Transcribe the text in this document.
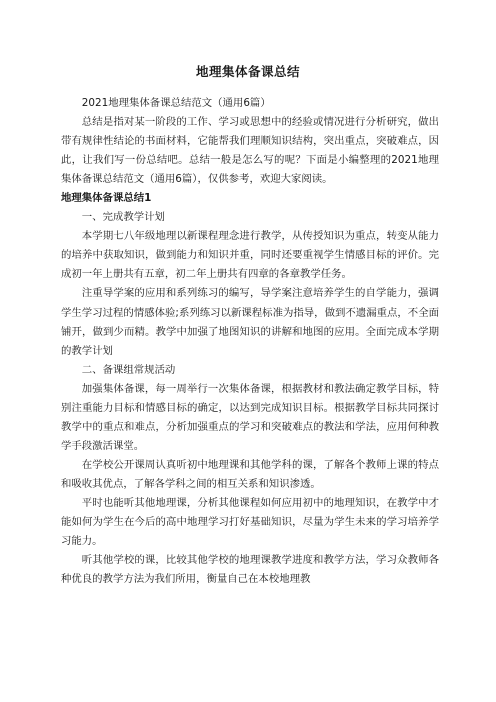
地理集体备课总结

2021地理集体备课总结范文（通用6篇）

总结是指对某一阶段的工作、学习或思想中的经验或情况进行分析研究，做出带有规律性结论的书面材料，它能帮我们理顺知识结构，突出重点，突破难点，因此，让我们写一份总结吧。总结一般是怎么写的呢？下面是小编整理的2021地理集体备课总结范文（通用6篇），仅供参考，欢迎大家阅读。

地理集体备课总结1

一、完成教学计划

本学期七八年级地理以新课程理念进行教学，从传授知识为重点，转变从能力的培养中获取知识，做到能力和知识并重，同时还要重视学生情感目标的评价。完成初一年上册共有五章，初二年上册共有四章的各章教学任务。

注重导学案的应用和系列练习的编写，导学案注意培养学生的自学能力，强调学生学习过程的情感体验;系列练习以新课程标准为指导，做到不遗漏重点，不全面铺开，做到少而精。教学中加强了地图知识的讲解和地图的应用。全面完成本学期的教学计划

二、备课组常规活动

加强集体备课，每一周举行一次集体备课，根据教材和教法确定教学目标，特别注重能力目标和情感目标的确定，以达到完成知识目标。根据教学目标共同探讨教学中的重点和难点，分析加强重点的学习和突破难点的教法和学法，应用何种教学手段激活课堂。

在学校公开课周认真听初中地理课和其他学科的课，了解各个教师上课的特点和吸收其优点，了解各学科之间的相互关系和知识渗透。

平时也能听其他地理课，分析其他课程如何应用初中的地理知识，在教学中才能如何为学生在今后的高中地理学习打好基础知识，尽量为学生未来的学习培养学习能力。

听其他学校的课，比较其他学校的地理课教学进度和教学方法，学习众教师各种优良的教学方法为我们所用，衡量自己在本校地理教
